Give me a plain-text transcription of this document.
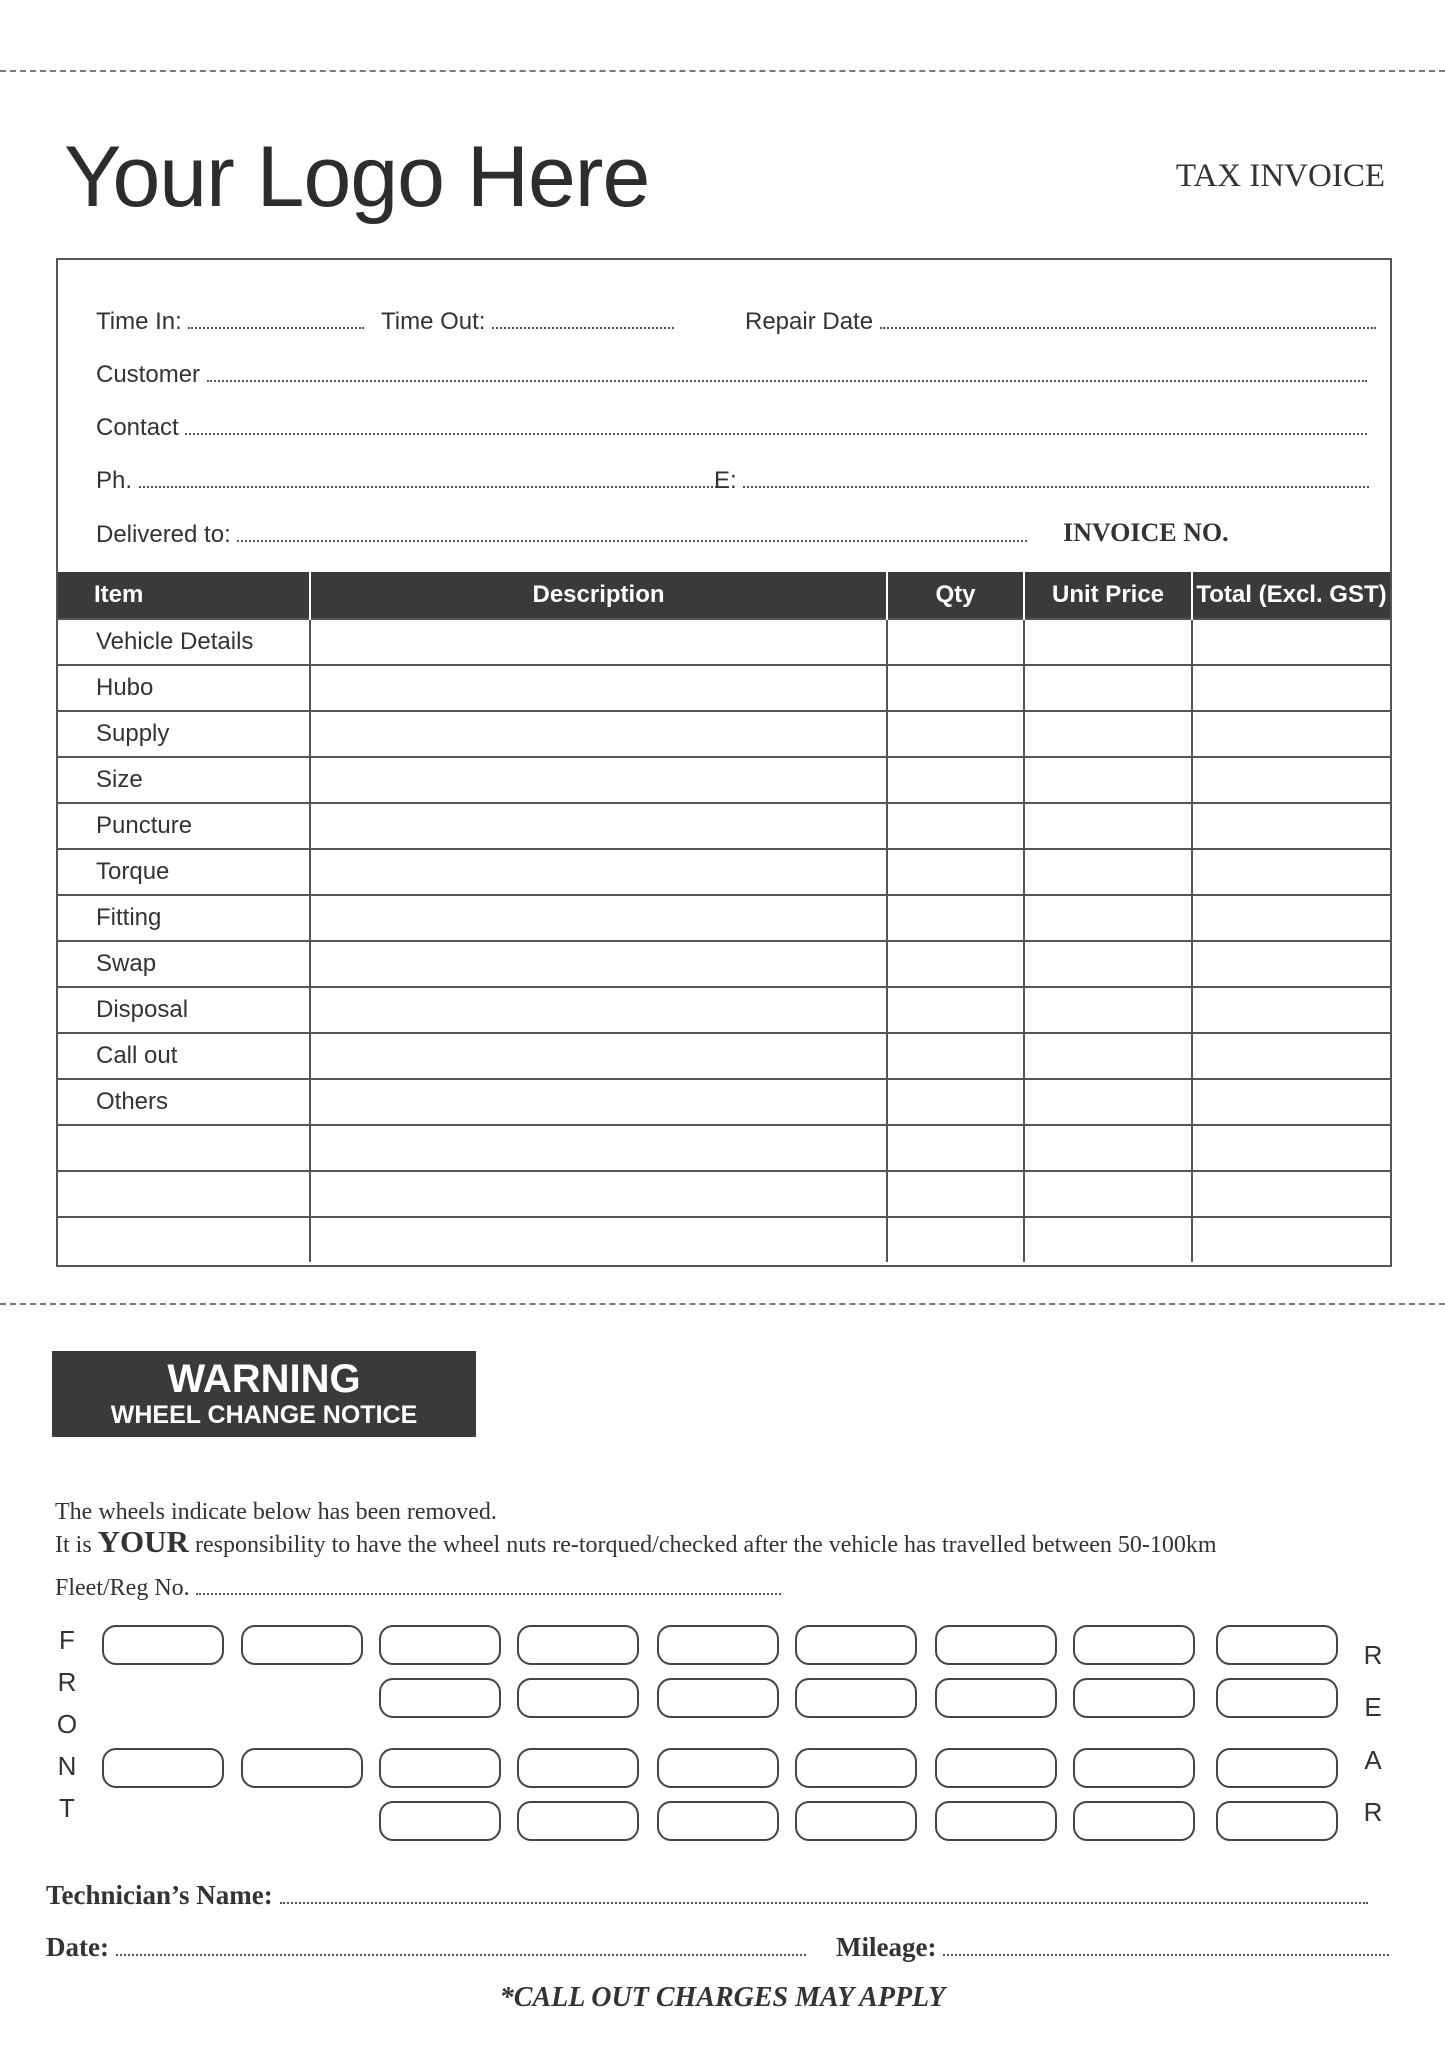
Your Logo Here	TAX INVOICE
Time In:	Time Out:	Repair Date
Customer
Contact
Ph.	E:
Delivered to:	INVOICE NO.
Item	Description	Qty	Unit Price	Total (Excl. GST)
Vehicle Details				
Hubo				
Supply				
Size				
Puncture				
Torque				
Fitting				
Swap				
Disposal				
Call out				
Others				

WARNING
WHEEL CHANGE NOTICE
The wheels indicate below has been removed.
It is YOUR responsibility to have the wheel nuts re-torqued/checked after the vehicle has travelled between 50-100km
Fleet/Reg No.
F
R
O
N
T
R
E
A
R
Technician’s Name:
Date:	Mileage:
*CALL OUT CHARGES MAY APPLY
